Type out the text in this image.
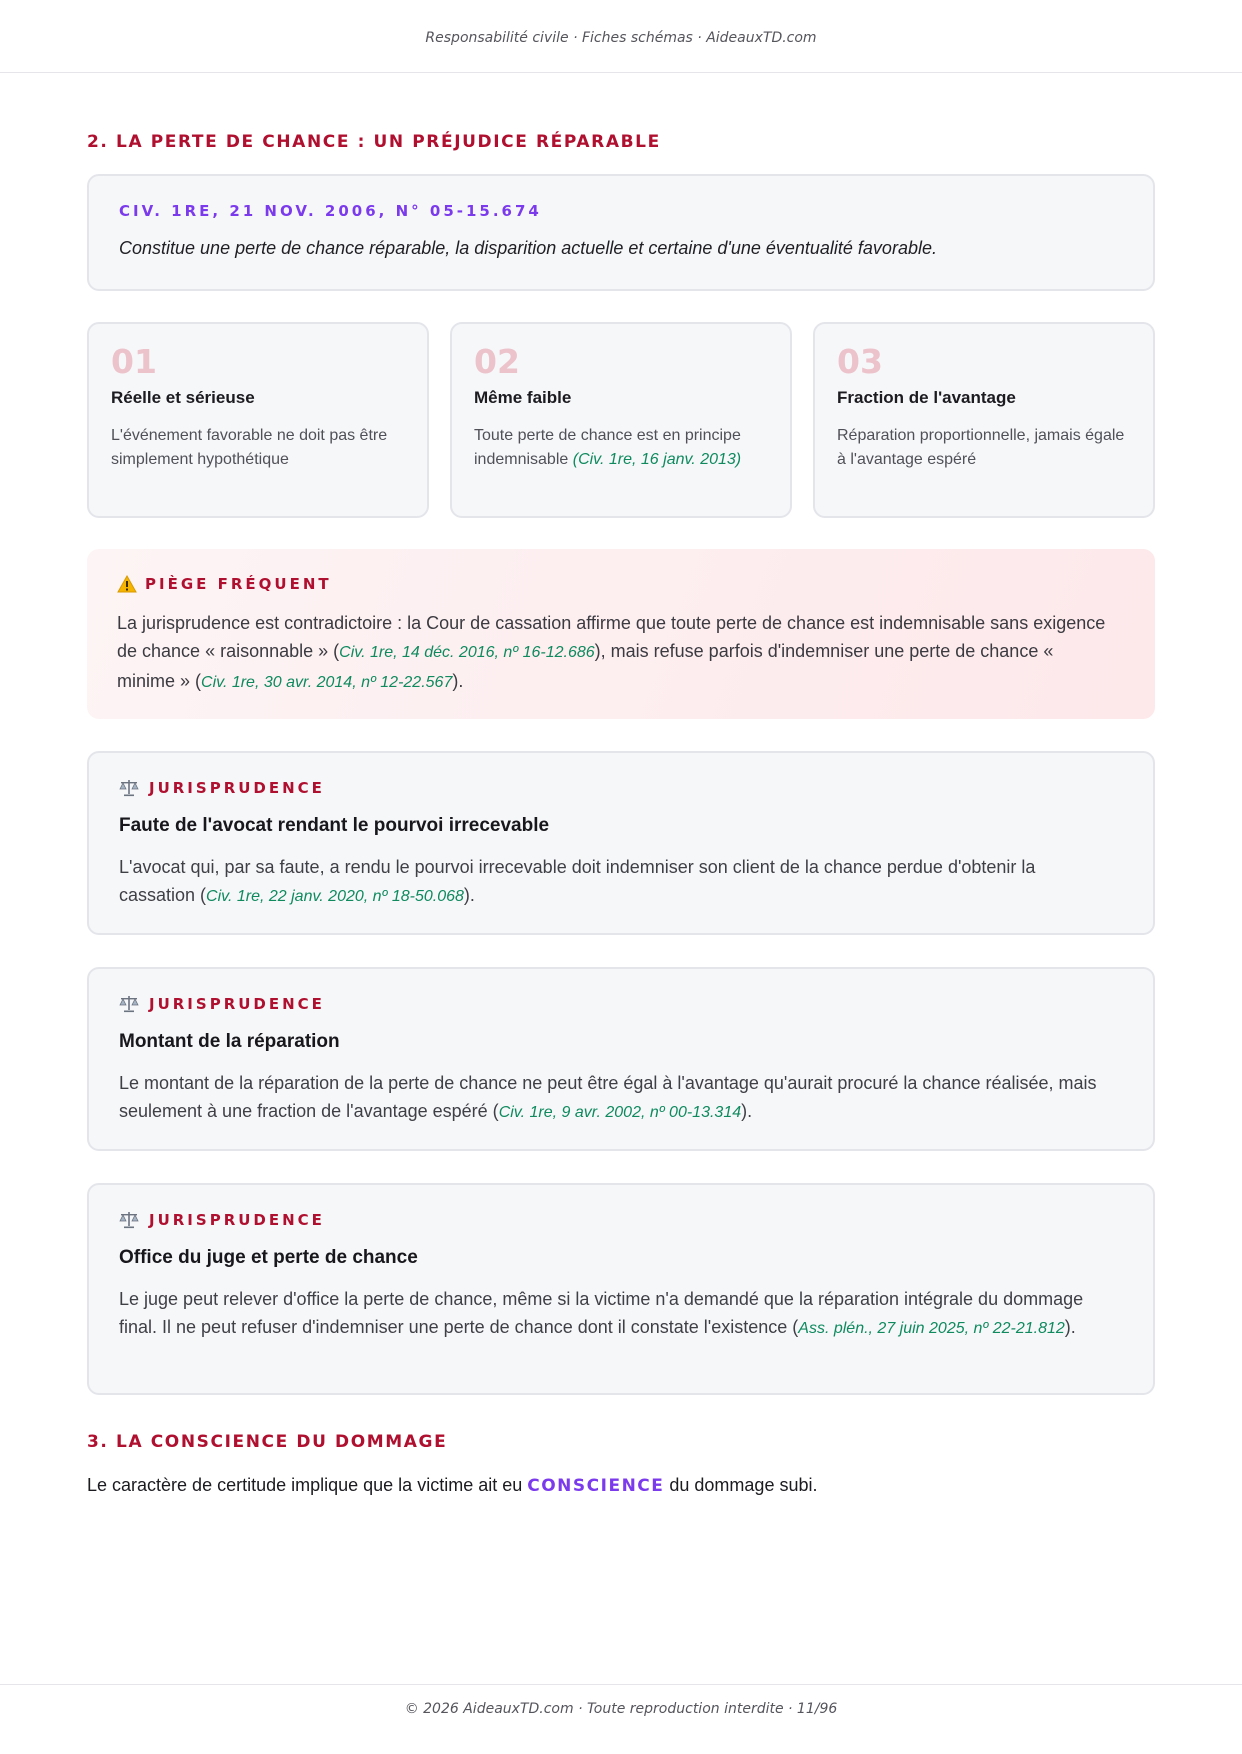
Responsabilité civile · Fiches schémas · AideauxTD.com
2. LA PERTE DE CHANCE : UN PRÉJUDICE RÉPARABLE
CIV. 1RE, 21 NOV. 2006, N° 05-15.674
Constitue une perte de chance réparable, la disparition actuelle et certaine d'une éventualité favorable.
01
Réelle et sérieuse
L'événement favorable ne doit pas être simplement hypothétique
02
Même faible
Toute perte de chance est en principe indemnisable (Civ. 1re, 16 janv. 2013)
03
Fraction de l'avantage
Réparation proportionnelle, jamais égale à l'avantage espéré
PIÈGE FRÉQUENT
La jurisprudence est contradictoire : la Cour de cassation affirme que toute perte de chance est indemnisable sans exigence de chance « raisonnable » (Civ. 1re, 14 déc. 2016, nº 16-12.686), mais refuse parfois d'indemniser une perte de chance « minime » (Civ. 1re, 30 avr. 2014, nº 12-22.567).
JURISPRUDENCE
Faute de l'avocat rendant le pourvoi irrecevable
L'avocat qui, par sa faute, a rendu le pourvoi irrecevable doit indemniser son client de la chance perdue d'obtenir la cassation (Civ. 1re, 22 janv. 2020, nº 18-50.068).
JURISPRUDENCE
Montant de la réparation
Le montant de la réparation de la perte de chance ne peut être égal à l'avantage qu'aurait procuré la chance réalisée, mais seulement à une fraction de l'avantage espéré (Civ. 1re, 9 avr. 2002, nº 00-13.314).
JURISPRUDENCE
Office du juge et perte de chance
Le juge peut relever d'office la perte de chance, même si la victime n'a demandé que la réparation intégrale du dommage final. Il ne peut refuser d'indemniser une perte de chance dont il constate l'existence (Ass. plén., 27 juin 2025, nº 22-21.812).
3. LA CONSCIENCE DU DOMMAGE
Le caractère de certitude implique que la victime ait eu CONSCIENCE du dommage subi.
© 2026 AideauxTD.com · Toute reproduction interdite · 11/96
